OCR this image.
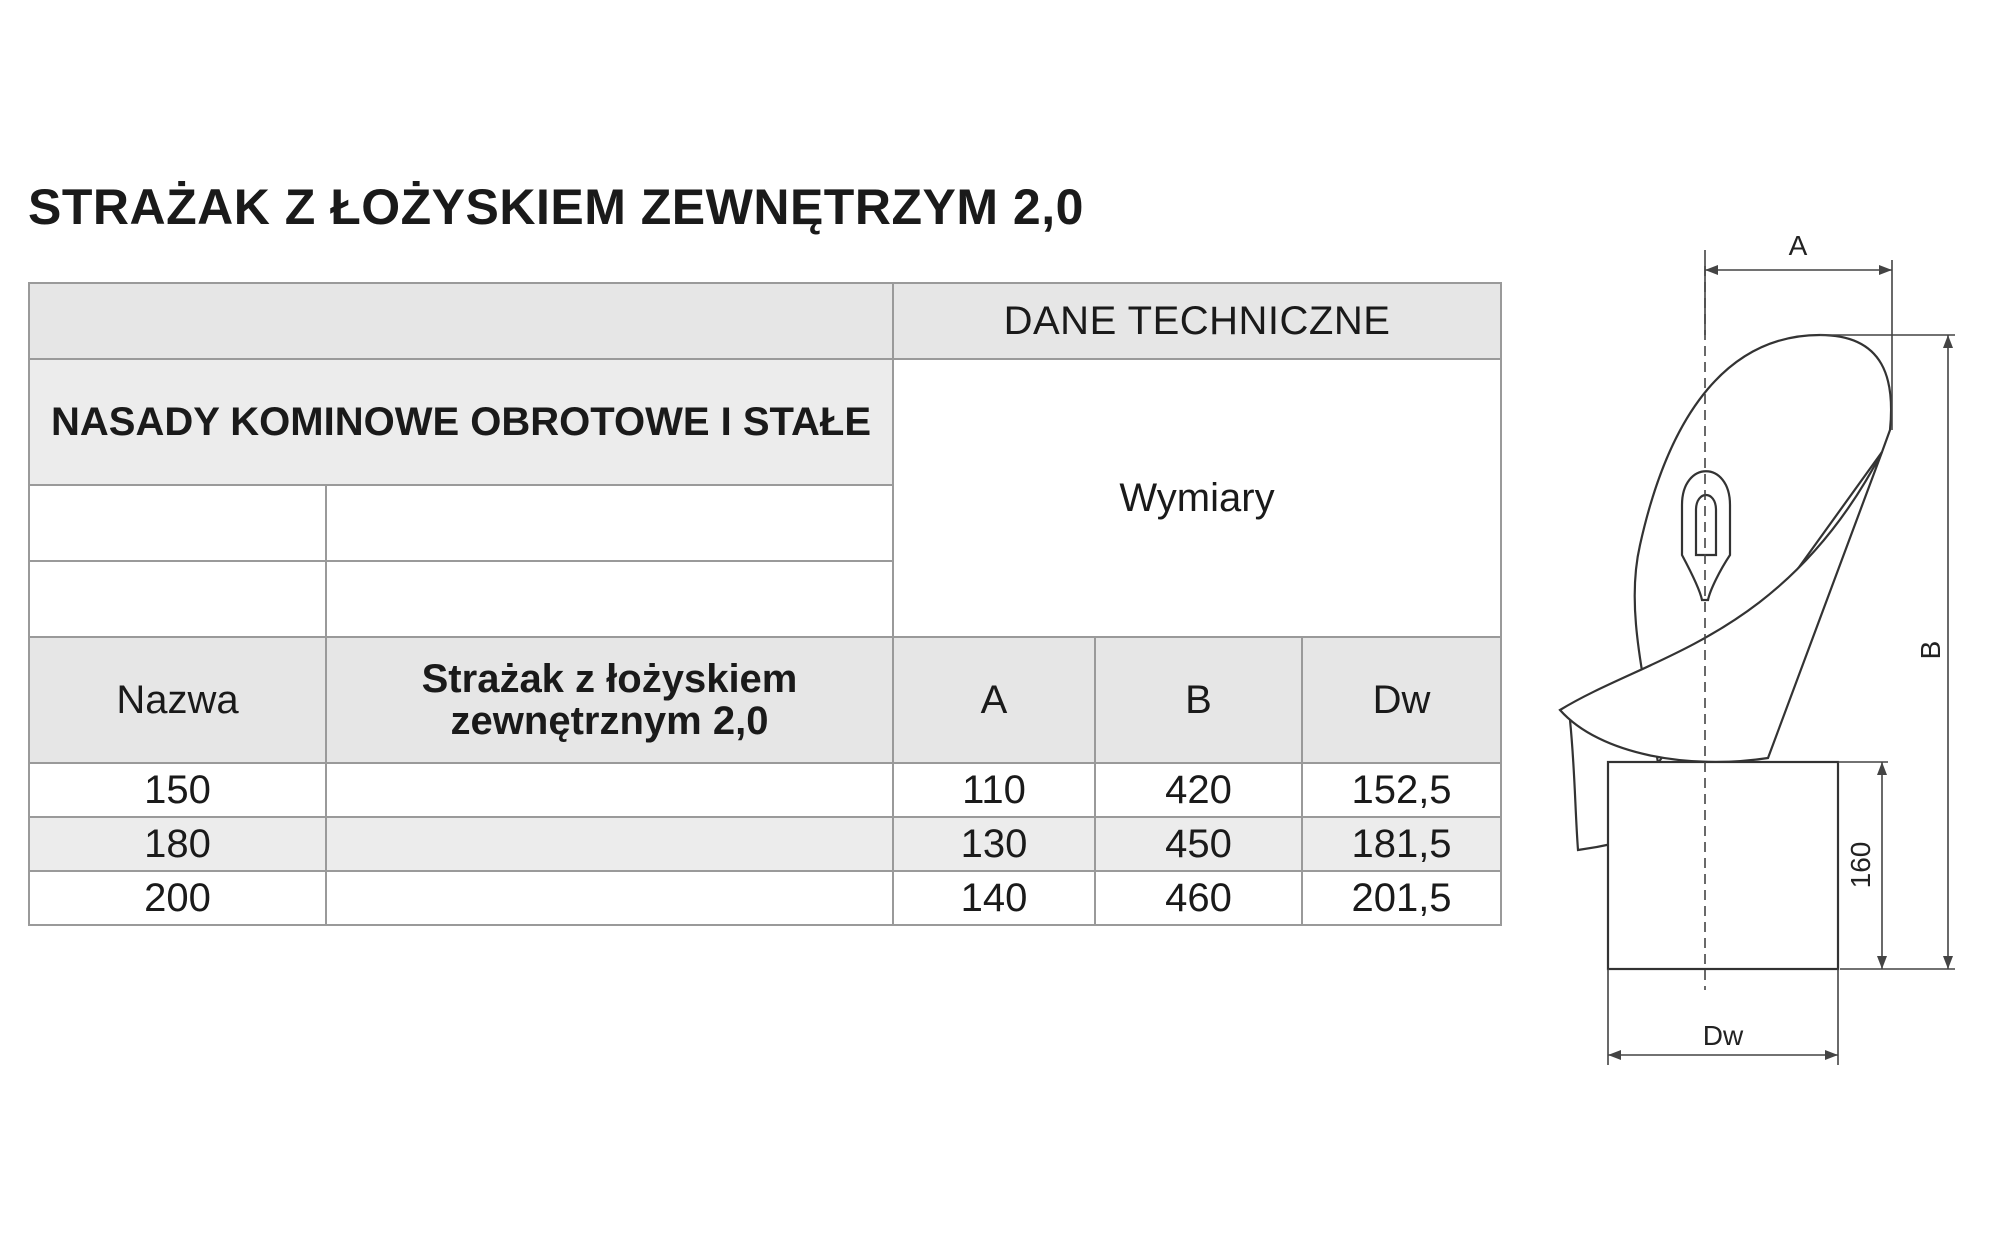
STRAŻAK Z ŁOŻYSKIEM ZEWNĘTRZYM 2,0
		DANE TECHNICZNE		
NASADY KOMINOWE OBROTOWE I STAŁE		Wymiary		

Nazwa	Strażak z łożyskiem zewnętrznym 2,0	A	B	Dw
150		110	420	152,5
180		130	450	181,5
200		140	460	201,5
A
B
160
Dw
